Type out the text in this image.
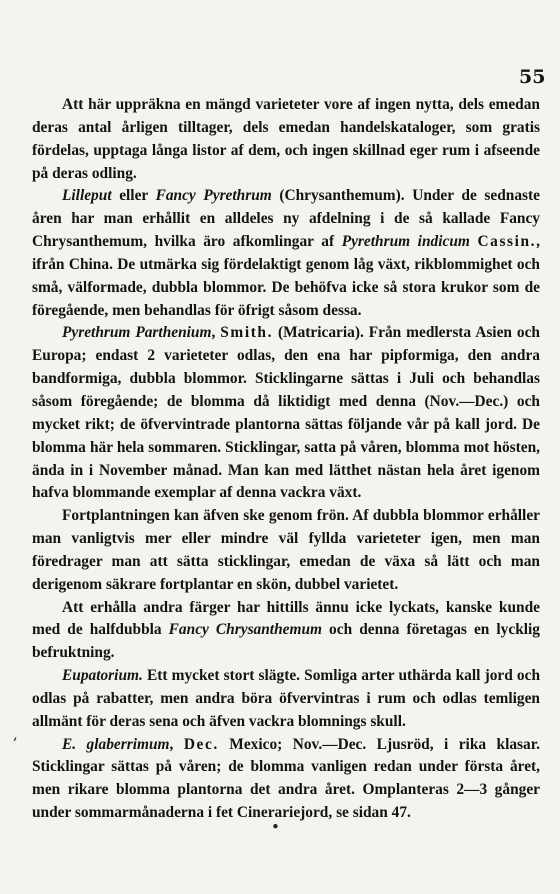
55

Att här uppräkna en mängd varieteter vore af ingen nytta, dels emedan deras antal årligen tilltager, dels emedan handelskataloger, som gratis fördelas, upptaga långa listor af dem, och ingen skillnad eger rum i afseende på deras odling.

Lilleput eller Fancy Pyrethrum (Chrysanthemum). Under de sednaste åren har man erhållit en alldeles ny afdelning i de så kallade Fancy Chrysanthemum, hvilka äro afkomlingar af Pyrethrum indicum Cassin., ifrån China. De utmärka sig fördelaktigt genom låg växt, rikblommighet och små, välformade, dubbla blommor. De behöfva icke så stora krukor som de föregående, men behandlas för öfrigt såsom dessa.

Pyrethrum Parthenium, Smith. (Matricaria). Från medlersta Asien och Europa; endast 2 varieteter odlas, den ena har pipformiga, den andra bandformiga, dubbla blommor. Sticklingarne sättas i Juli och behandlas såsom föregående; de blomma då liktidigt med denna (Nov.—Dec.) och mycket rikt; de öfvervintrade plantorna sättas följande vår på kall jord. De blomma här hela sommaren. Sticklingar, satta på våren, blomma mot hösten, ända in i November månad. Man kan med lätthet nästan hela året igenom hafva blommande exemplar af denna vackra växt.

Fortplantningen kan äfven ske genom frön. Af dubbla blommor erhåller man vanligtvis mer eller mindre väl fyllda varieteter igen, men man föredrager man att sätta sticklingar, emedan de växa så lätt och man derigenom säkrare fortplantar en skön, dubbel varietet.

Att erhålla andra färger har hittills ännu icke lyckats, kanske kunde med de halfdubbla Fancy Chrysanthemum och denna företagas en lycklig befruktning.

Eupatorium. Ett mycket stort slägte. Somliga arter uthärda kall jord och odlas på rabatter, men andra böra öfvervintras i rum och odlas temligen allmänt för deras sena och äfven vackra blomnings skull.

E. glaberrimum, Dec. Mexico; Nov.—Dec. Ljusröd, i rika klasar. Sticklingar sättas på våren; de blomma vanligen redan under första året, men rikare blomma plantorna det andra året. Omplanteras 2—3 gånger under sommarmånaderna i fet Cinerariejord, se sidan 47.

,
•
